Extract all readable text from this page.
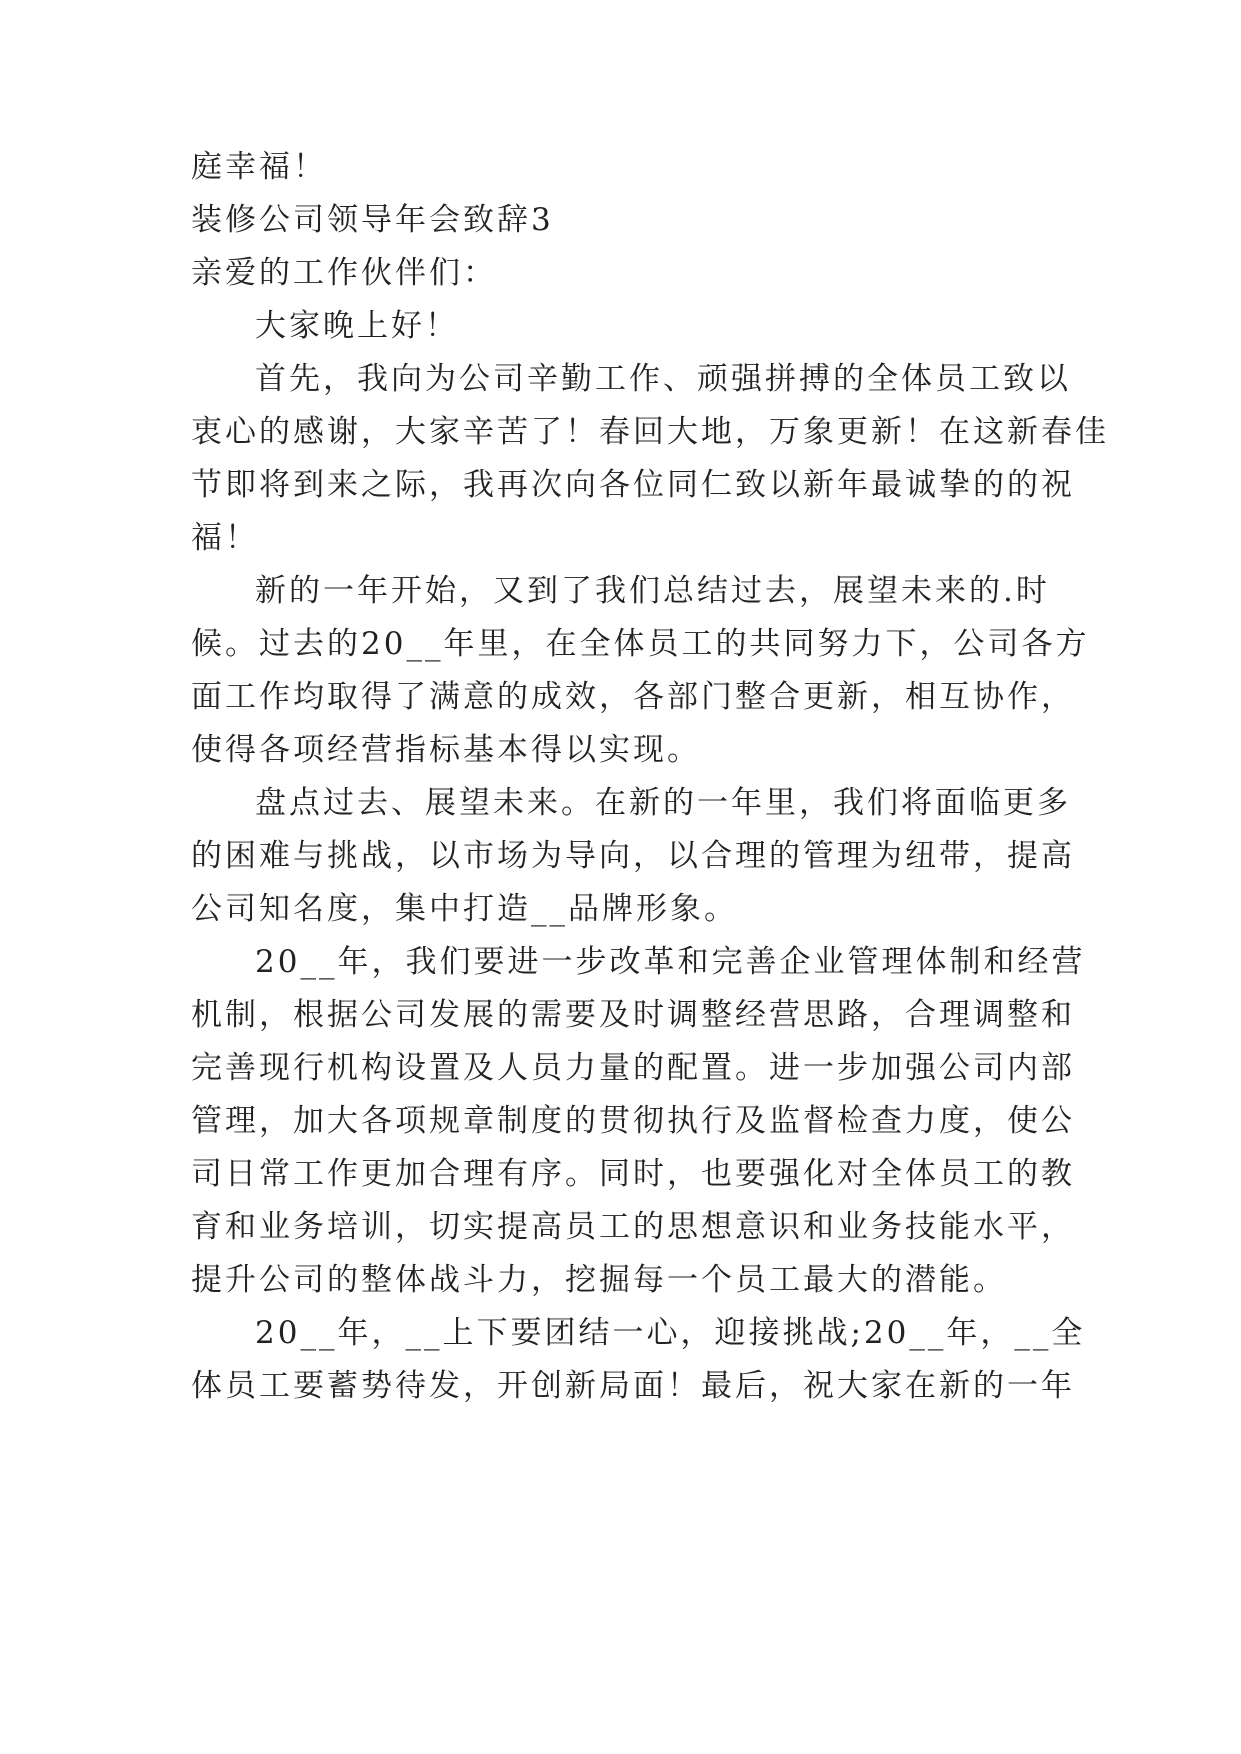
庭幸福！

装修公司领导年会致辞3

亲爱的工作伙伴们：

大家晚上好！

首先，我向为公司辛勤工作、顽强拼搏的全体员工致以

衷心的感谢，大家辛苦了！春回大地，万象更新！在这新春佳

节即将到来之际，我再次向各位同仁致以新年最诚挚的的祝

福！

新的一年开始，又到了我们总结过去，展望未来的.时

候。过去的20__年里，在全体员工的共同努力下，公司各方

面工作均取得了满意的成效，各部门整合更新，相互协作，

使得各项经营指标基本得以实现。

盘点过去、展望未来。在新的一年里，我们将面临更多

的困难与挑战，以市场为导向，以合理的管理为纽带，提高

公司知名度，集中打造__品牌形象。

20__年，我们要进一步改革和完善企业管理体制和经营

机制，根据公司发展的需要及时调整经营思路，合理调整和

完善现行机构设置及人员力量的配置。进一步加强公司内部

管理，加大各项规章制度的贯彻执行及监督检查力度，使公

司日常工作更加合理有序。同时，也要强化对全体员工的教

育和业务培训，切实提高员工的思想意识和业务技能水平，

提升公司的整体战斗力，挖掘每一个员工最大的潜能。

20__年，__上下要团结一心，迎接挑战;20__年，__全

体员工要蓄势待发，开创新局面！最后，祝大家在新的一年
